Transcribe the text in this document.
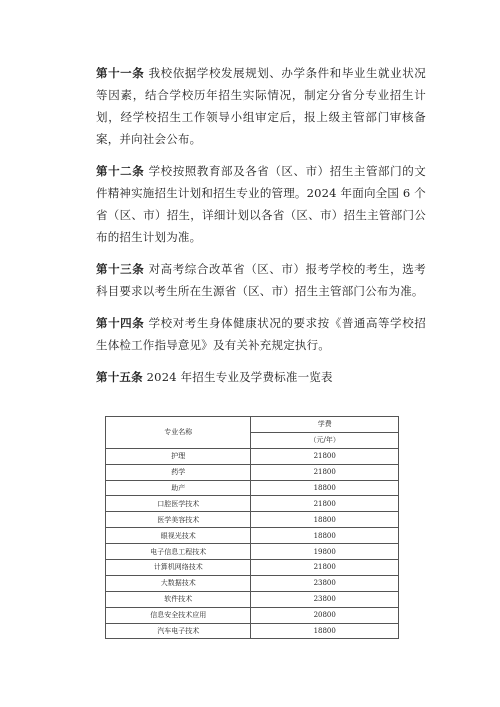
第十一条 我校依据学校发展规划、办学条件和毕业生就业状况等因素，结合学校历年招生实际情况，制定分省分专业招生计划，经学校招生工作领导小组审定后，报上级主管部门审核备案，并向社会公布。

第十二条 学校按照教育部及各省（区、市）招生主管部门的文件精神实施招生计划和招生专业的管理。2024 年面向全国 6 个省（区、市）招生，详细计划以各省（区、市）招生主管部门公布的招生计划为准。

第十三条 对高考综合改革省（区、市）报考学校的考生，选考科目要求以考生所在生源省（区、市）招生主管部门公布为准。

第十四条 学校对考生身体健康状况的要求按《普通高等学校招生体检工作指导意见》及有关补充规定执行。

第十五条 2024 年招生专业及学费标准一览表

专业名称	学费
	（元/年）
护理	21800
药学	21800
助产	18800
口腔医学技术	21800
医学美容技术	18800
眼视光技术	18800
电子信息工程技术	19800
计算机网络技术	21800
大数据技术	23800
软件技术	23800
信息安全技术应用	20800
汽车电子技术	18800
